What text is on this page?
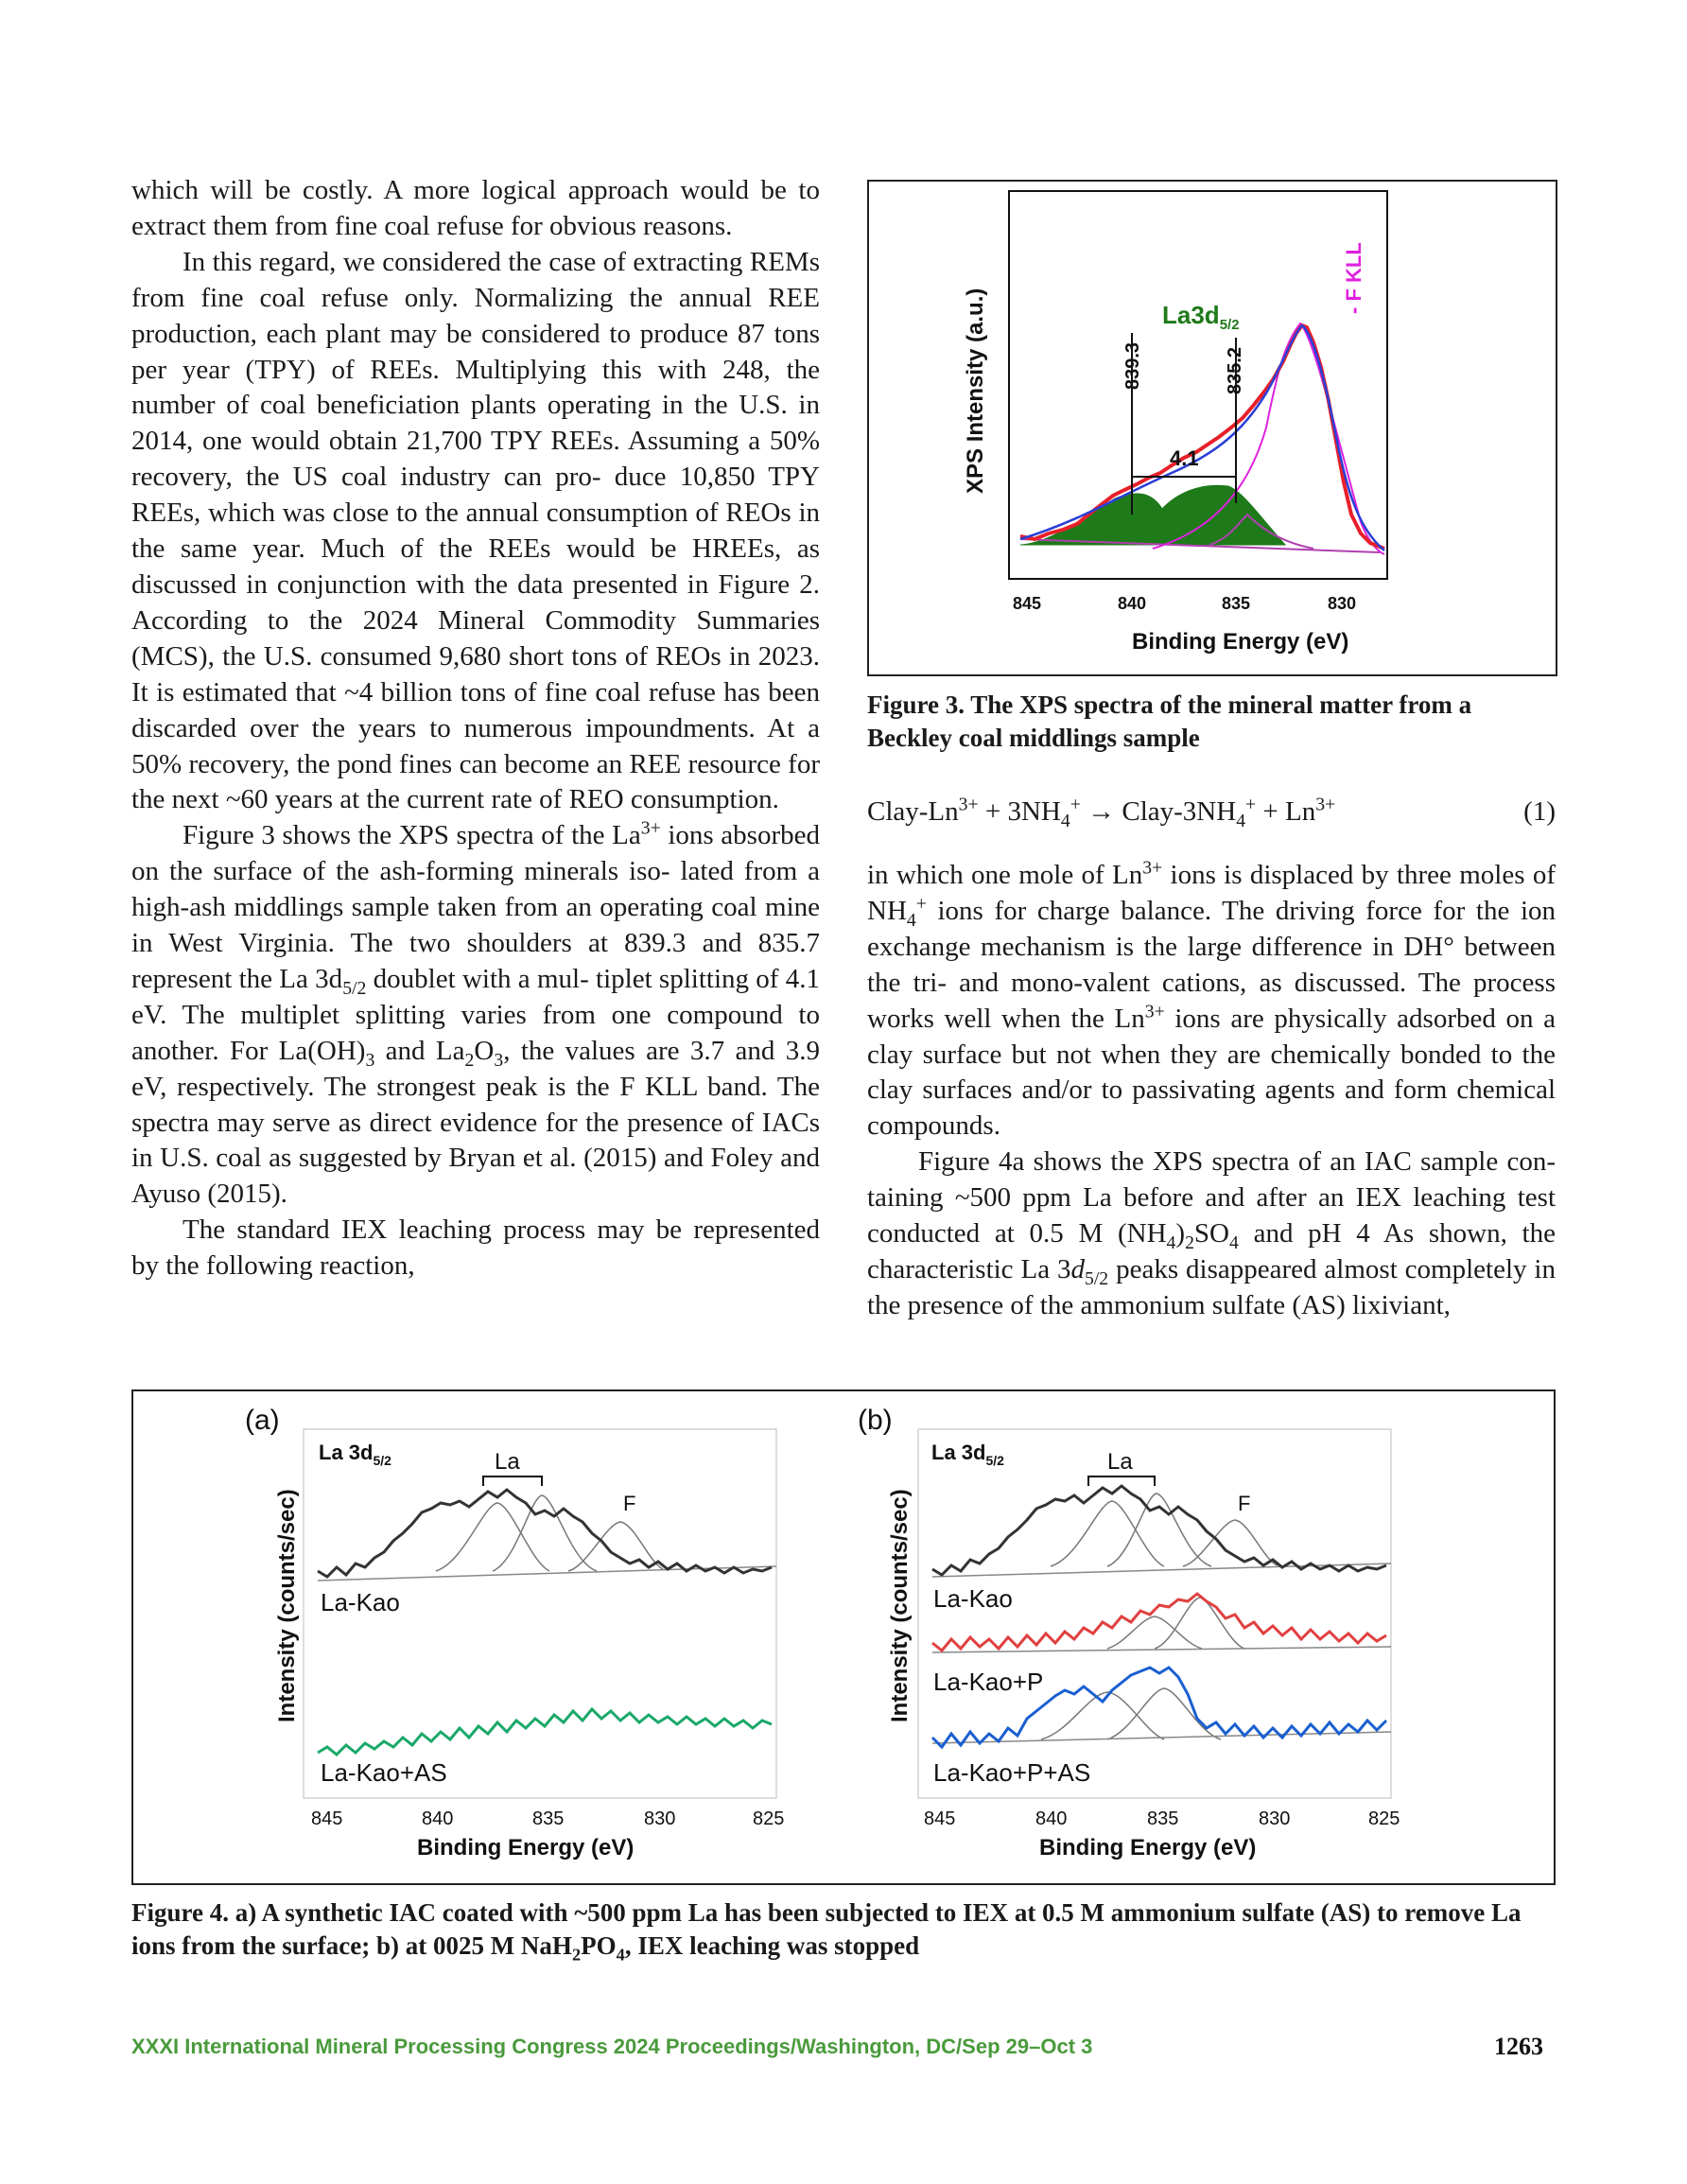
which will be costly. A more logical approach would be to extract them from fine coal refuse for obvious reasons.

In this regard, we considered the case of extracting REMs from fine coal refuse only. Normalizing the annual REE production, each plant may be considered to produce 87 tons per year (TPY) of REEs. Multiplying this with 248, the number of coal beneficiation plants operating in the U.S. in 2014, one would obtain 21,700 TPY REEs. Assuming a 50% recovery, the US coal industry can pro- duce 10,850 TPY REEs, which was close to the annual consumption of REOs in the same year. Much of the REEs would be HREEs, as discussed in conjunction with the data presented in Figure 2. According to the 2024 Mineral Commodity Summaries (MCS), the U.S. consumed 9,680 short tons of REOs in 2023. It is estimated that ~4 billion tons of fine coal refuse has been discarded over the years to numerous impoundments. At a 50% recovery, the pond fines can become an REE resource for the next ~60 years at the current rate of REO consumption.

Figure 3 shows the XPS spectra of the $La^{3+}$ ions absorbed on the surface of the ash-forming minerals iso- lated from a high-ash middlings sample taken from an operating coal mine in West Virginia. The two shoulders at 839.3 and 835.7 represent the La $3d_{5/2}$ doublet with a mul- tiplet splitting of 4.1 eV. The multiplet splitting varies from one compound to another. For $La(OH)_3$ and $La_2O_3$, the values are 3.7 and 3.9 eV, respectively. The strongest peak is the F KLL band. The spectra may serve as direct evidence for the presence of IACs in U.S. coal as suggested by Bryan et al. (2015) and Foley and Ayuso (2015).

The standard IEX leaching process may be represented by the following reaction,

839.3	835.2
4.1
$La3d_{5/2}$
- F KLL
845	840	835	830
Binding Energy (eV)
XPS Intensity (a.u.)
Figure 3. The XPS spectra of the mineral matter from a Beckley coal middlings sample
Clay-$Ln^{3+} + 3NH_4^+$ → Clay-$3NH_4^+ + Ln^{3+}$	(1)

in which one mole of $Ln^{3+}$ ions is displaced by three moles of $NH_4^+$ ions for charge balance. The driving force for the ion exchange mechanism is the large difference in DH° between the tri- and mono-valent cations, as discussed. The process works well when the $Ln^{3+}$ ions are physically adsorbed on a clay surface but not when they are chemically bonded to the clay surfaces and/or to passivating agents and form chemical compounds.

Figure 4a shows the XPS spectra of an IAC sample con- taining ~500 ppm La before and after an IEX leaching test conducted at 0.5 M $(NH_4)_2SO_4$ and pH 4 As shown, the characteristic La $3d_{5/2}$ peaks disappeared almost completely in the presence of the ammonium sulfate (AS) lixiviant,

(a)
La $3d_{5/2}$	La
F
La-Kao
La-Kao+AS
845	840	835	830	825
Binding Energy (eV)
Intensity (counts/sec)
(b)
La $3d_{5/2}$	La
F
La-Kao
La-Kao+P
La-Kao+P+AS
845	840	835	830	825
Binding Energy (eV)
Intensity (counts/sec)
Figure 4. a) A synthetic IAC coated with ~500 ppm La has been subjected to IEX at 0.5 M ammonium sulfate (AS) to remove La ions from the surface; b) at 0025 M $NaH_2PO_4$, IEX leaching was stopped
XXXI International Mineral Processing Congress 2024 Proceedings/Washington, DC/Sep 29–Oct 3	1263
